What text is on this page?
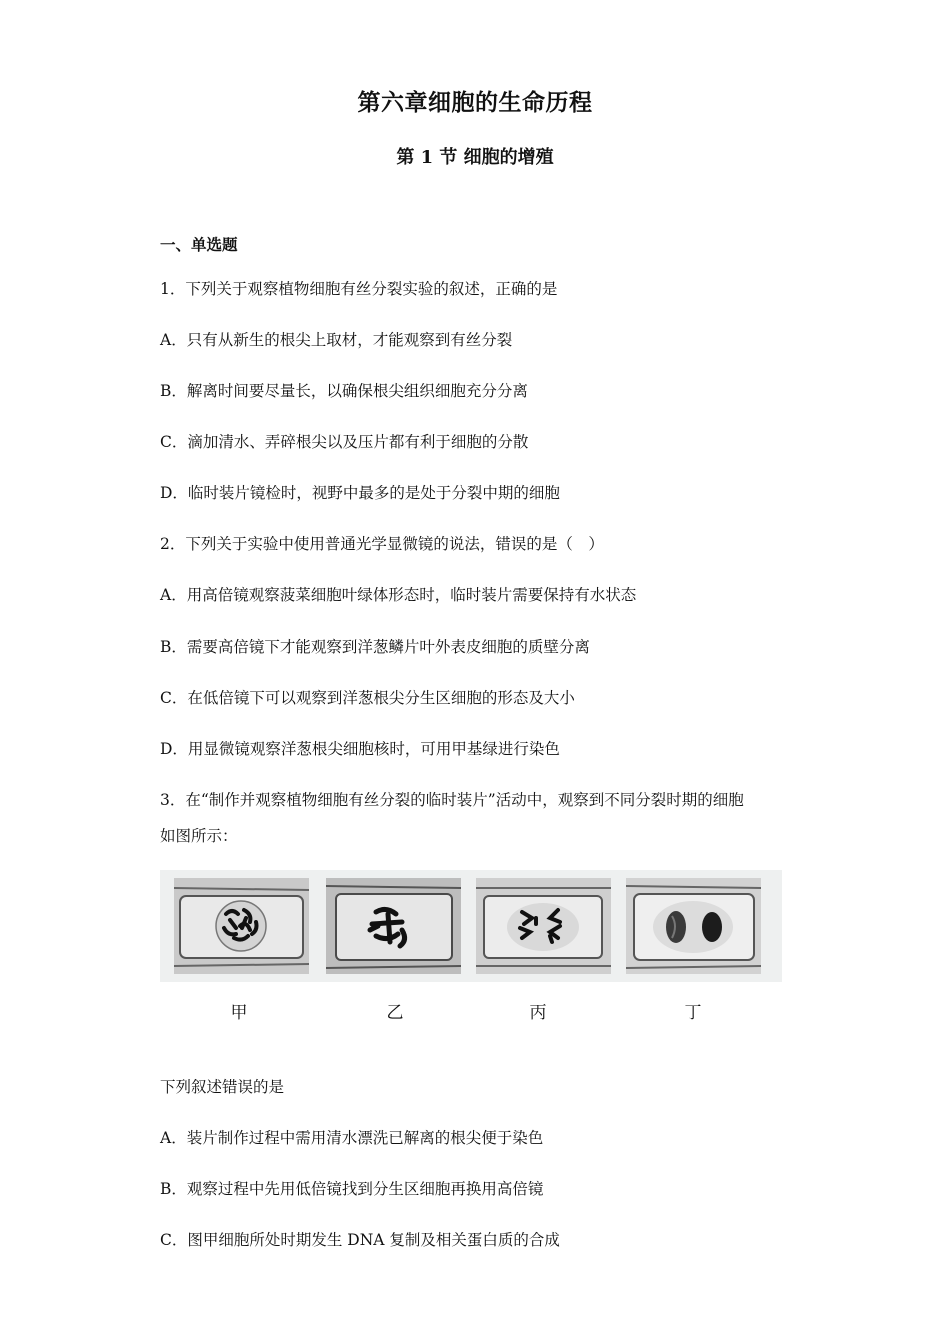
第六章细胞的生命历程
第 1 节 细胞的增殖
一、单选题

1．下列关于观察植物细胞有丝分裂实验的叙述，正确的是

A．只有从新生的根尖上取材，才能观察到有丝分裂

B．解离时间要尽量长，以确保根尖组织细胞充分分离

C．滴加清水、弄碎根尖以及压片都有利于细胞的分散

D．临时装片镜检时，视野中最多的是处于分裂中期的细胞

2．下列关于实验中使用普通光学显微镜的说法，错误的是（　）

A．用高倍镜观察菠菜细胞叶绿体形态时，临时装片需要保持有水状态

B．需要高倍镜下才能观察到洋葱鳞片叶外表皮细胞的质壁分离

C．在低倍镜下可以观察到洋葱根尖分生区细胞的形态及大小

D．用显微镜观察洋葱根尖细胞核时，可用甲基绿进行染色

3．在“制作并观察植物细胞有丝分裂的临时装片”活动中，观察到不同分裂时期的细胞

如图所示：

甲	乙	丙	丁

下列叙述错误的是

A．装片制作过程中需用清水漂洗已解离的根尖便于染色

B．观察过程中先用低倍镜找到分生区细胞再换用高倍镜

C．图甲细胞所处时期发生 DNA 复制及相关蛋白质的合成
